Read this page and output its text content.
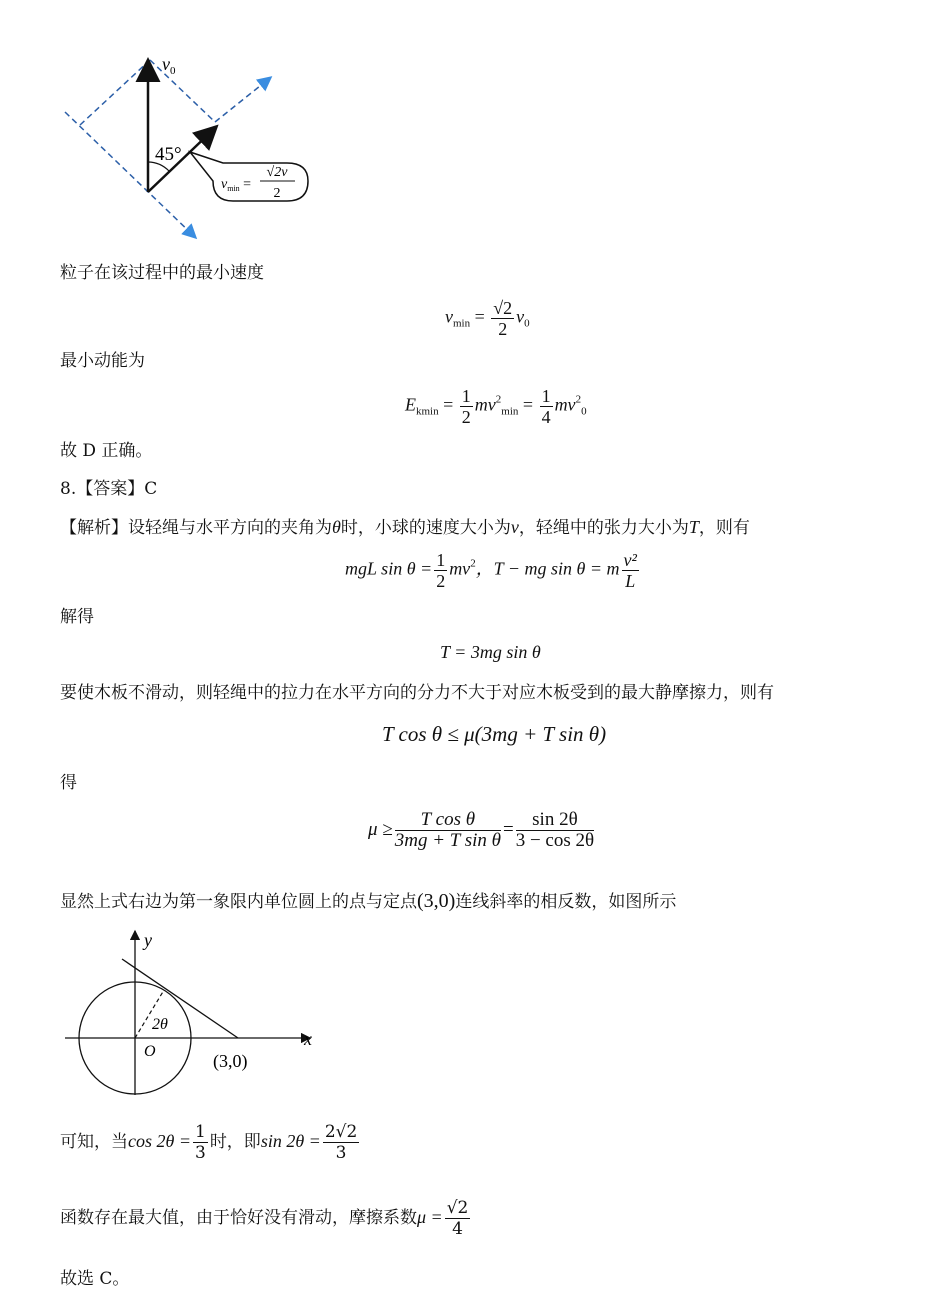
$v_0$
45°
$v_{min}$ =
√2v
2
粒子在该过程中的最小速度
$v_{min} = \frac{√2}{2} v_0$
最小动能为
$E_{kmin} = \frac{1}{2} mv^2_{min} = \frac{1}{4} mv^2_0$
故 D 正确。
8.【答案】C
【解析】设轻绳与水平方向的夹角为θ时，小球的速度大小为v，轻绳中的张力大小为T，则有
mgL $\sin \theta = \frac{1}{2} mv^2$，T − mg sin θ = m $\frac{\text{v²}}{L}$
解得
T = 3mg sin θ
要使木板不滑动，则轻绳中的拉力在水平方向的分力不大于对应木板受到的最大静摩擦力，则有
T cos θ ≤ μ(3mg + T sin θ)
得
$\mu \ge \frac{\text{T cos θ}}{\text{3mg + T sin θ}} = \frac{\sin 2\theta}{3 - \cos 2\theta}$
显然上式右边为第一象限内单位圆上的点与定点(3,0)连线斜率的相反数，如图所示
y
x
O
2θ
(3,0)
可知，当$\cos 2\theta = \frac{1}{3}$ 时，即$\sin 2\theta = \frac{2√2}{3}$
函数存在最大值，由于恰好没有滑动，摩擦系数$\mu = \frac{√2}{4}$
故选 C。
